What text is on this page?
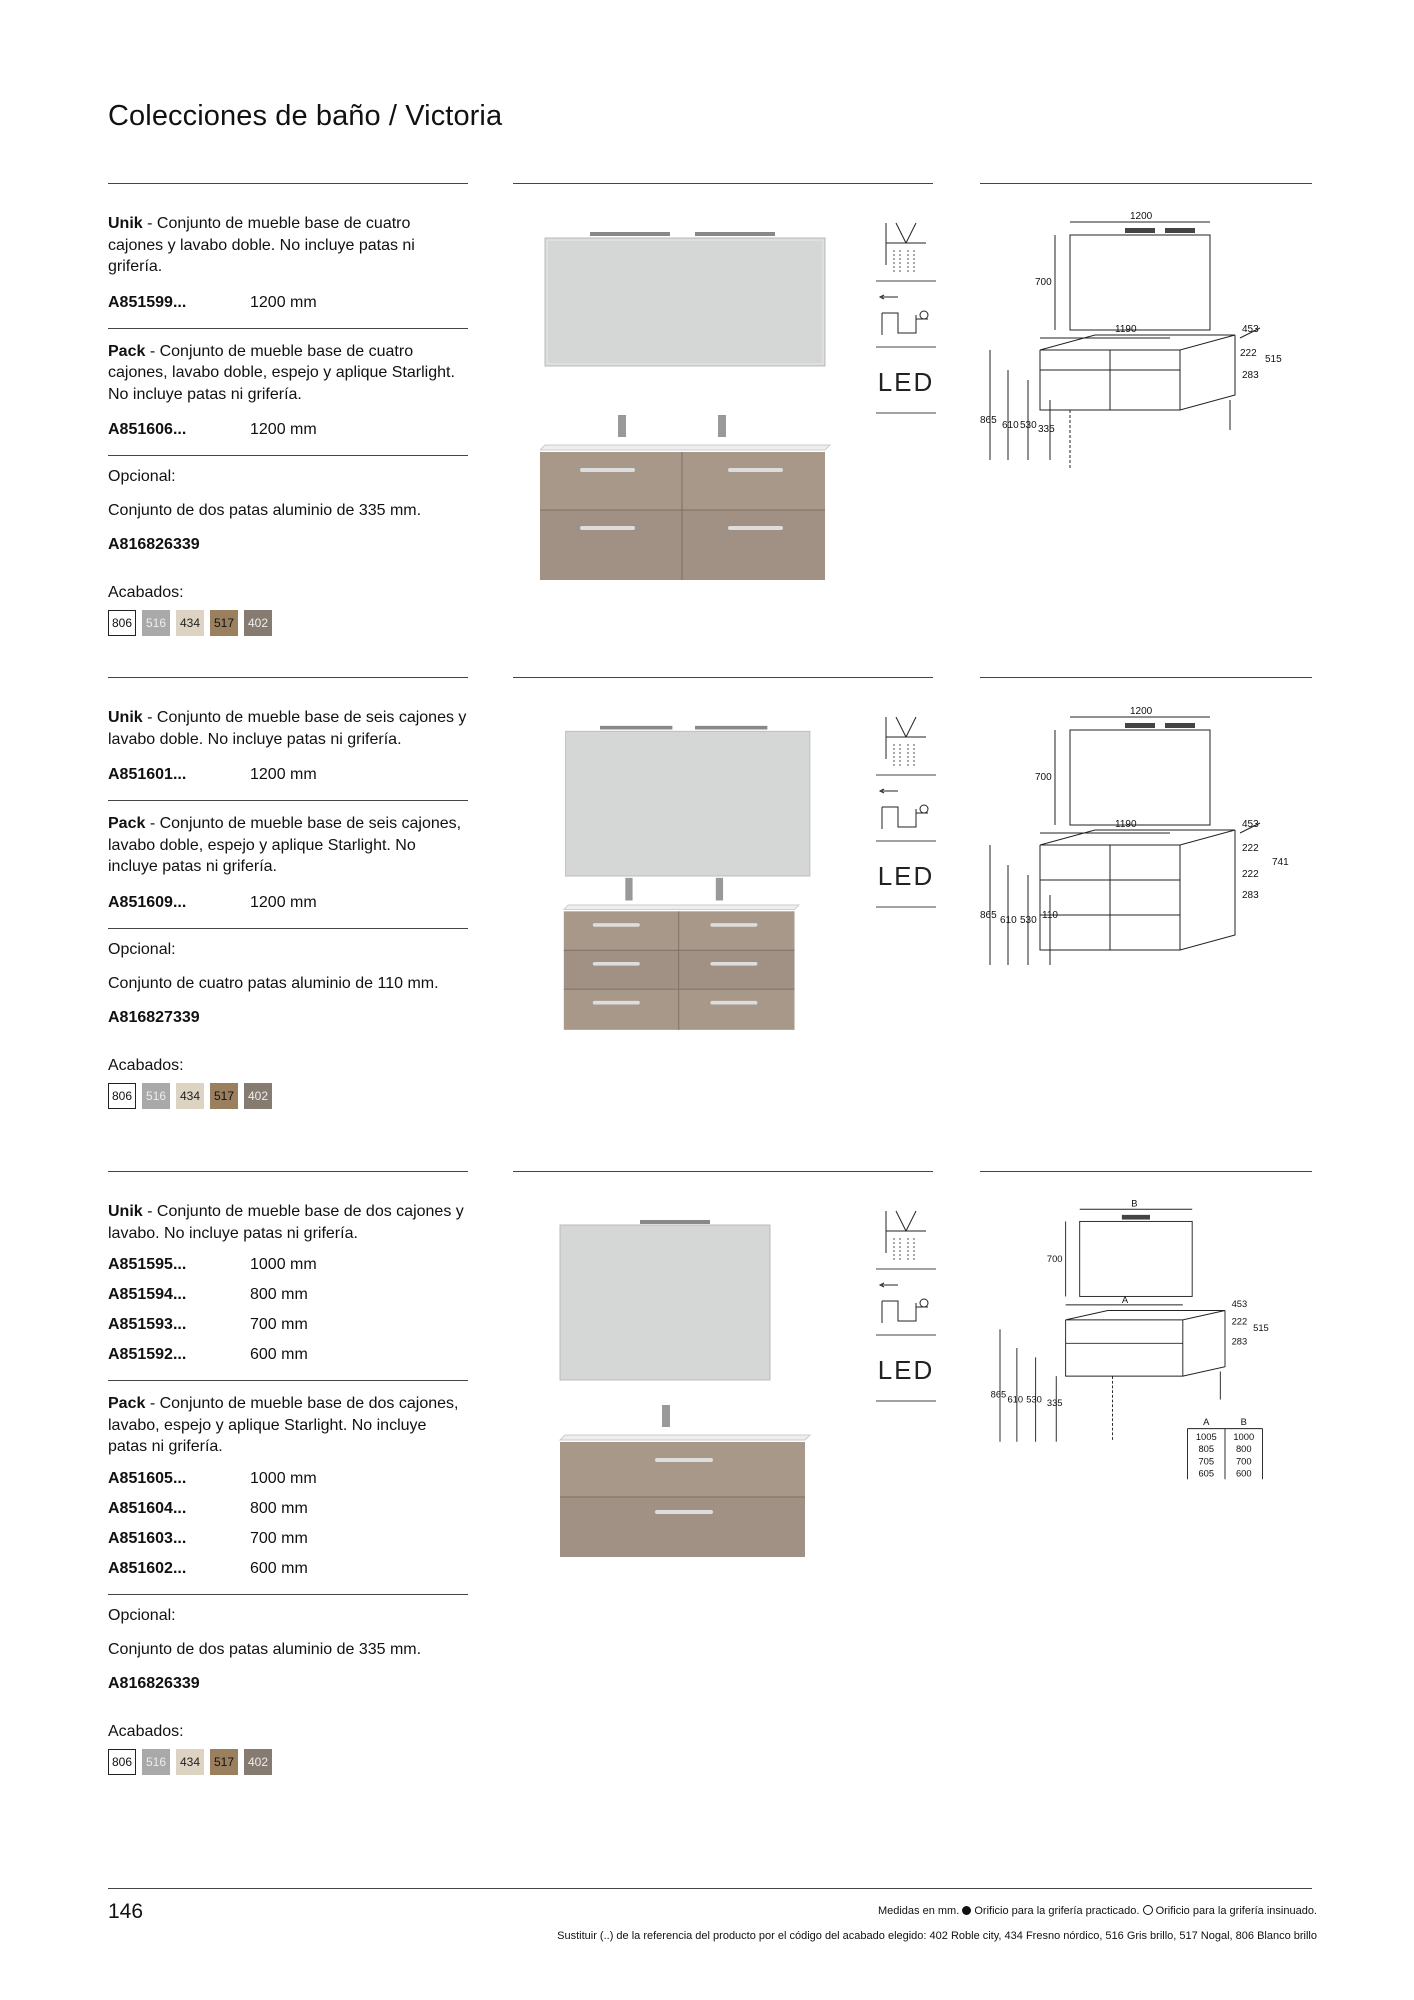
Colecciones de baño / Victoria

Unik - Conjunto de mueble base de cuatro cajones y lavabo doble. No incluye patas ni grifería.

A851599...	1200 mm

Pack - Conjunto de mueble base de cuatro cajones, lavabo doble, espejo y aplique Starlight. No incluye patas ni grifería.

A851606...	1200 mm

Opcional:

Conjunto de dos patas aluminio de 335 mm.

A816826339

Acabados:

806	516	434	517	402
LED
1200
700
1190	453
222
515
283
865 610 530 335

Unik - Conjunto de mueble base de seis cajones y lavabo doble. No incluye patas ni grifería.

A851601...	1200 mm

Pack - Conjunto de mueble base de seis cajones, lavabo doble, espejo y aplique Starlight. No incluye patas ni grifería.

A851609...	1200 mm

Opcional:

Conjunto de cuatro patas aluminio de 110 mm.

A816827339

Acabados:

806	516	434	517	402
LED
1200
700
1190	453
222
222
283
741
865 610 530 110

Unik - Conjunto de mueble base de dos cajones y lavabo. No incluye patas ni grifería.

A851595...	1000 mm
A851594...	800 mm
A851593...	700 mm
A851592...	600 mm

Pack - Conjunto de mueble base de dos cajones, lavabo, espejo y aplique Starlight. No incluye patas ni grifería.

A851605...	1000 mm
A851604...	800 mm
A851603...	700 mm
A851602...	600 mm

Opcional:

Conjunto de dos patas aluminio de 335 mm.

A816826339

Acabados:

806	516	434	517	402
LED
B
700
A	453
222
515
283
865 610 530 335
A	B
1005 1000
805 800
705 700
605 600
146	Medidas en mm. Orificio para la grifería practicado. Orificio para la grifería insinuado.
Sustituir (..) de la referencia del producto por el código del acabado elegido: 402 Roble city, 434 Fresno nórdico, 516 Gris brillo, 517 Nogal, 806 Blanco brillo
